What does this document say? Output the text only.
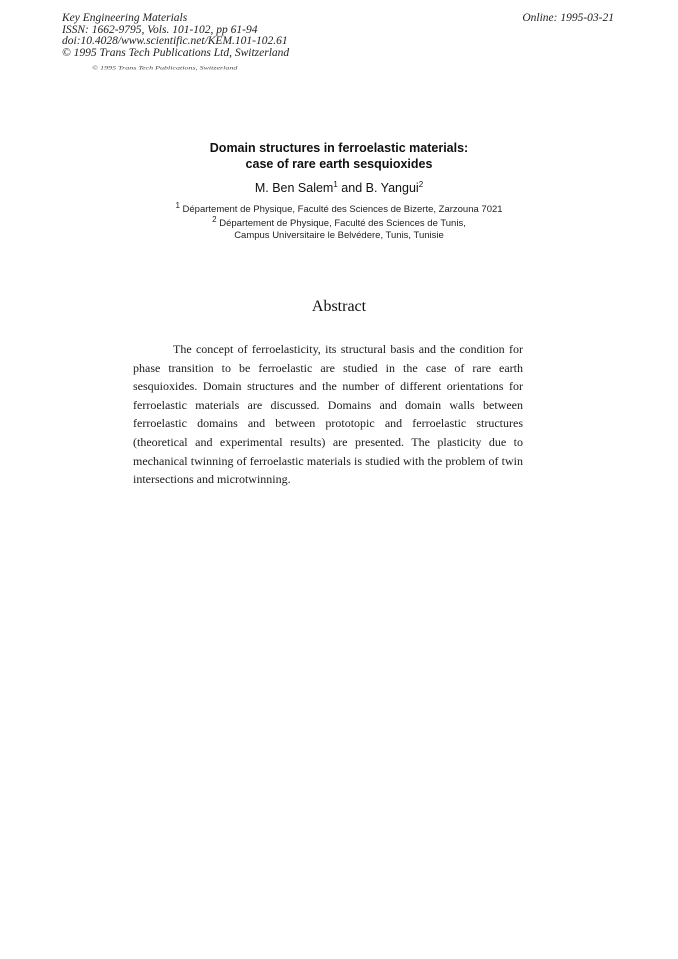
Key Engineering Materials
ISSN: 1662-9795, Vols. 101-102, pp 61-94
doi:10.4028/www.scientific.net/KEM.101-102.61
© 1995 Trans Tech Publications Ltd, Switzerland
Online: 1995-03-21
© 1995 Trans Tech Publications, Switzerland
Domain structures in ferroelastic materials:
case of rare earth sesquioxides
M. Ben Salem$^1$ and B. Yangui$^2$
$^1$ Département de Physique, Faculté des Sciences de Bizerte, Zarzouna 7021
$^2$ Département de Physique, Faculté des Sciences de Tunis,
Campus Universitaire le Belvédere, Tunis, Tunisie
Abstract

The concept of ferroelasticity, its structural basis and the condition for phase transition to be ferroelastic are studied in the case of rare earth sesquioxides. Domain structures and the number of different orientations for ferroelastic materials are discussed. Domains and domain walls between ferroelastic domains and between prototopic and ferroelastic structures (theoretical and experimental results) are presented. The plasticity due to mechanical twinning of ferroelastic materials is studied with the problem of twin intersections and microtwinning.
